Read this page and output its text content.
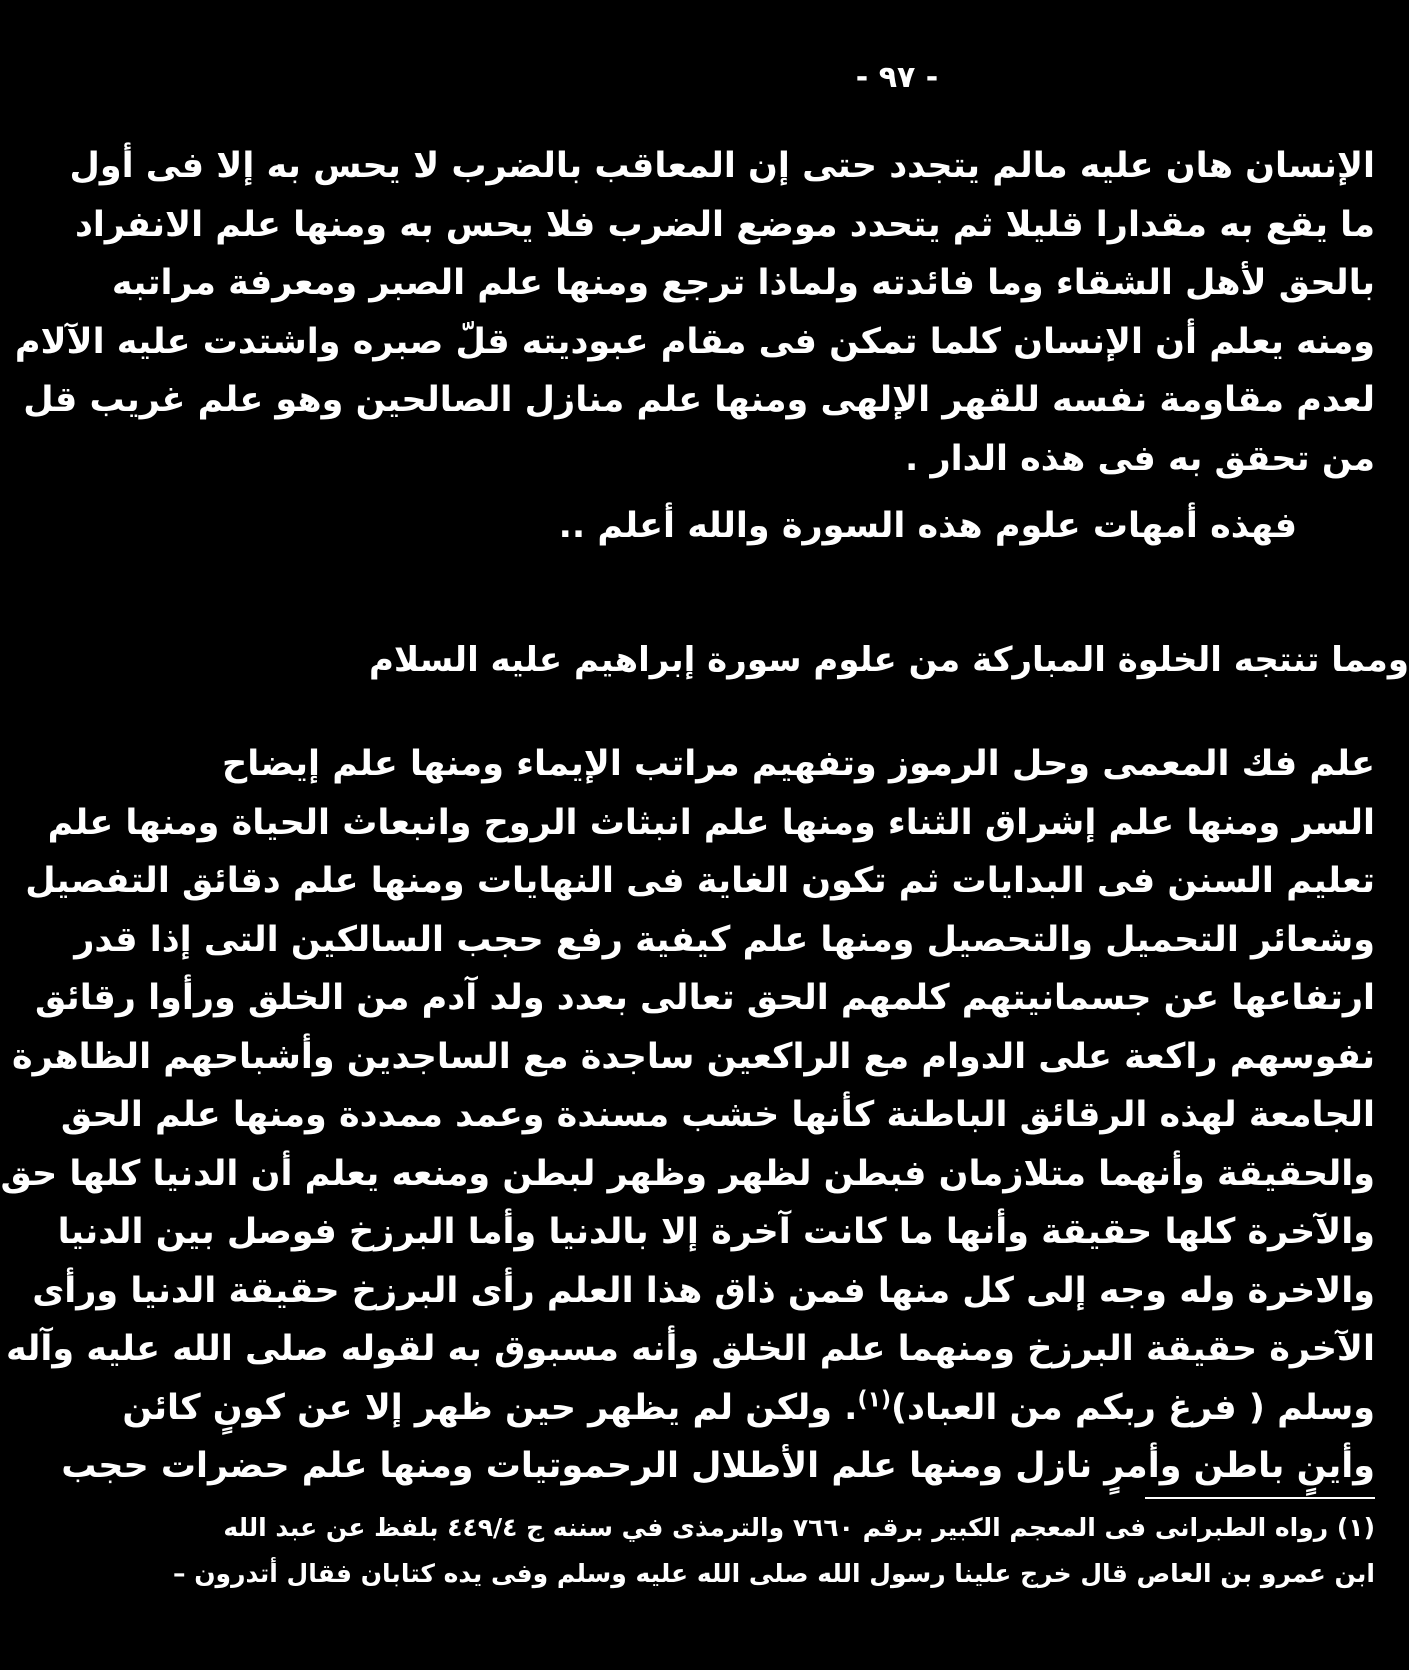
- ٩٧ -
الإنسان هان عليه مالم يتجدد حتى إن المعاقب بالضرب لا يحس به إلا فى أول
ما يقع به مقدارا قليلا ثم يتحدد موضع الضرب فلا يحس به ومنها علم الانفراد
بالحق لأهل الشقاء وما فائدته ولماذا ترجع ومنها علم الصبر ومعرفة مراتبه
ومنه يعلم أن الإنسان كلما تمكن فى مقام عبوديته قلّ صبره واشتدت عليه الآلام
لعدم مقاومة نفسه للقهر الإلهى ومنها علم منازل الصالحين وهو علم غريب قل
من تحقق به فى هذه الدار .
فهذه أمهات علوم هذه السورة والله أعلم ..
ومما تنتجه الخلوة المباركة من علوم سورة إبراهيم عليه السلام
علم فك المعمى وحل الرموز وتفهيم مراتب الإيماء ومنها علم إيضاح
السر ومنها علم إشراق الثناء ومنها علم انبثاث الروح وانبعاث الحياة ومنها علم
تعليم السنن فى البدايات ثم تكون الغاية فى النهايات ومنها علم دقائق التفصيل
وشعائر التحميل والتحصيل ومنها علم كيفية رفع حجب السالكين التى إذا قدر
ارتفاعها عن جسمانيتهم كلمهم الحق تعالى بعدد ولد آدم من الخلق ورأوا رقائق
نفوسهم راكعة على الدوام مع الراكعين ساجدة مع الساجدين وأشباحهم الظاهرة
الجامعة لهذه الرقائق الباطنة كأنها خشب مسندة وعمد ممددة ومنها علم الحق
والحقيقة وأنهما متلازمان فبطن لظهر وظهر لبطن ومنعه يعلم أن الدنيا كلها حق
والآخرة كلها حقيقة وأنها ما كانت آخرة إلا بالدنيا وأما البرزخ فوصل بين الدنيا
والاخرة وله وجه إلى كل منها فمن ذاق هذا العلم رأى البرزخ حقيقة الدنيا ورأى
الآخرة حقيقة البرزخ ومنهما علم الخلق وأنه مسبوق به لقوله صلى الله عليه وآله
وسلم ( فرغ ربكم من العباد)$^{(١)}$. ولكن لم يظهر حين ظهر إلا عن كونٍ كائن
وأينٍ باطن وأمرٍ نازل ومنها علم الأطلال الرحموتيات ومنها علم حضرات حجب
(١) رواه الطبرانى فى المعجم الكبير برقم ٧٦٦٠ والترمذى في سننه ج ٤٤٩/٤ بلفظ عن عبد الله
ابن عمرو بن العاص قال خرج علينا رسول الله صلى الله عليه وسلم وفى يده كتابان فقال أتدرون –
